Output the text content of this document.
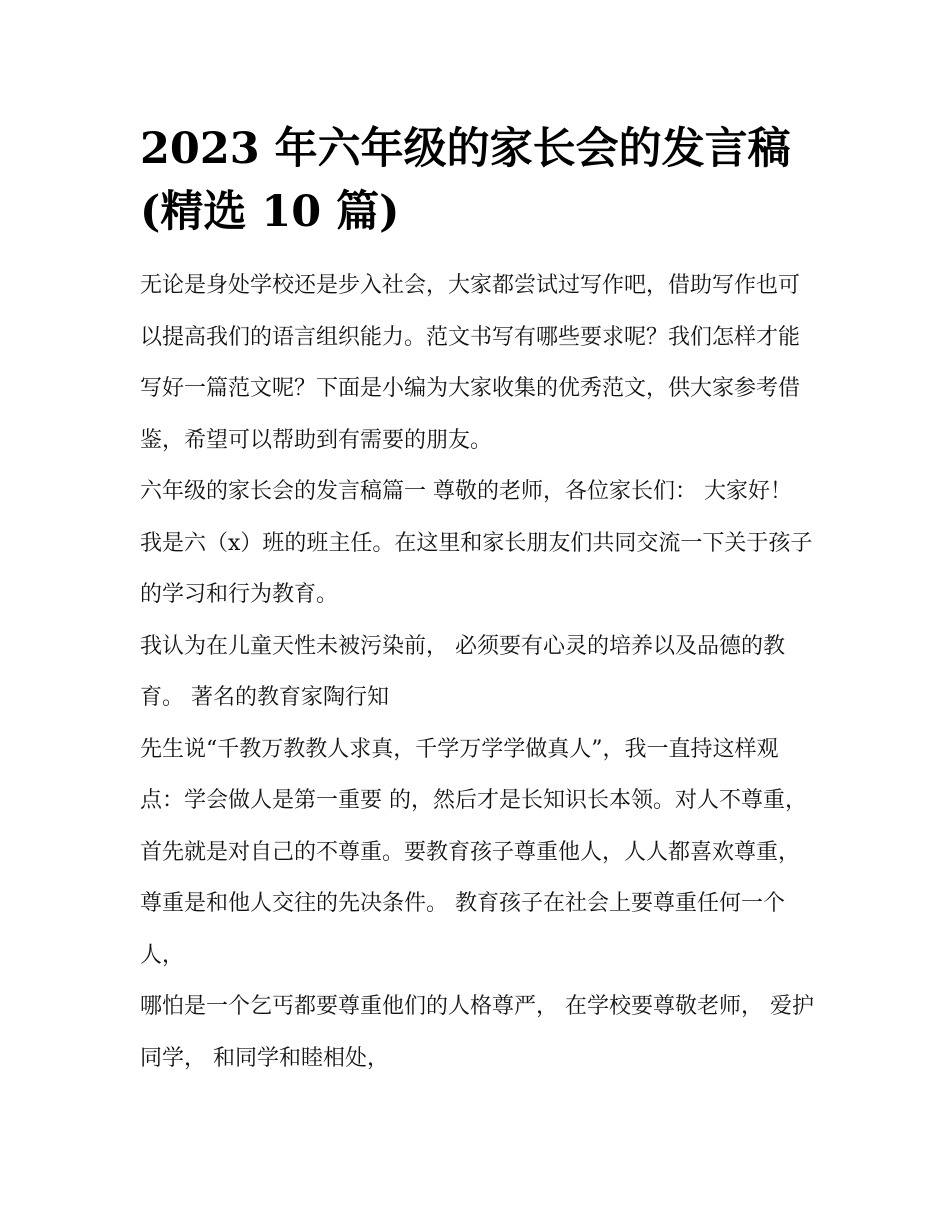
2023 年六年级的家长会的发言稿(精选 10 篇)

无论是身处学校还是步入社会，大家都尝试过写作吧，借助写作也可以提高我们的语言组织能力。范文书写有哪些要求呢？我们怎样才能写好一篇范文呢？下面是小编为大家收集的优秀范文，供大家参考借鉴，希望可以帮助到有需要的朋友。

六年级的家长会的发言稿篇一 尊敬的老师，各位家长们： 大家好！ 我是六（x）班的班主任。在这里和家长朋友们共同交流一下关于孩子的学习和行为教育。

我认为在儿童天性未被污染前， 必须要有心灵的培养以及品德的教育。 著名的教育家陶行知

先生说“千教万教教人求真，千学万学学做真人”，我一直持这样观点：学会做人是第一重要 的，然后才是长知识长本领。对人不尊重，首先就是对自己的不尊重。要教育孩子尊重他人，人人都喜欢尊重， 尊重是和他人交往的先决条件。 教育孩子在社会上要尊重任何一个人，

哪怕是一个乞丐都要尊重他们的人格尊严， 在学校要尊敬老师， 爱护同学， 和同学和睦相处，
